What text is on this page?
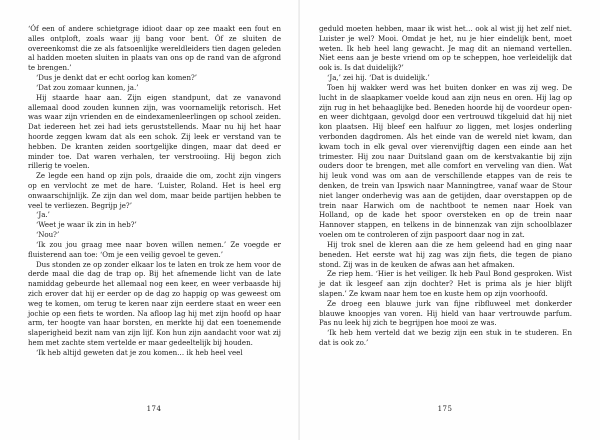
‘Óf een of andere schietgrage idioot daar op zee maakt een fout en alles ontploft, zoals waar jij bang voor bent. Óf ze sluiten de overeenkomst die ze als fatsoenlijke wereldleiders tien dagen geleden al hadden moeten sluiten in plaats van ons op de rand van de afgrond te brengen.’

‘Dus je denkt dat er echt oorlog kan komen?’

‘Dat zou zomaar kunnen, ja.’

Hij staarde haar aan. Zijn eigen standpunt, dat ze vanavond allemaal dood zouden kunnen zijn, was voornamelijk retorisch. Het was waar zijn vrienden en de eindexamenleerlingen op school zeiden. Dat iedereen het zei had iets geruststellends. Maar nu hij het haar hoorde zeggen kwam dat als een schok. Zij leek er verstand van te hebben. De kranten zeiden soortgelijke dingen, maar dat deed er minder toe. Dat waren verhalen, ter verstrooiing. Hij begon zich rillerig te voelen.

Ze legde een hand op zijn pols, draaide die om, zocht zijn vingers op en vervlocht ze met de hare. ‘Luister, Roland. Het is heel erg onwaarschijnlijk. Ze zijn dan wel dom, maar beide partijen hebben te veel te verliezen. Begrijp je?’

‘Ja.’

‘Weet je waar ik zin in heb?’

‘Nou?’

‘Ik zou jou graag mee naar boven willen nemen.’ Ze voegde er fluisterend aan toe: ‘Om je een veilig gevoel te geven.’

Dus stonden ze op zonder elkaar los te laten en trok ze hem voor de derde maal die dag de trap op. Bij het afnemende licht van de late namiddag gebeurde het allemaal nog een keer, en weer verbaasde hij zich erover dat hij er eerder op de dag zo happig op was geweest om weg te komen, om terug te keren naar zijn eerdere staat en weer een jochie op een fiets te worden. Na afloop lag hij met zijn hoofd op haar arm, ter hoogte van haar borsten, en merkte hij dat een toenemende slaperigheid bezit nam van zijn lijf. Kon hun zijn aandacht voor wat zij hem met zachte stem vertelde er maar gedeeltelijk bij houden.

‘Ik heb altijd geweten dat je zou komen… ik heb heel veel

174

geduld moeten hebben, maar ik wist het… ook al wist jij het zelf niet. Luister je wel? Mooi. Omdat je het, nu je hier eindelijk bent, moet weten. Ik heb heel lang gewacht. Je mag dit an niemand vertellen. Niet eens aan je beste vriend om op te scheppen, hoe verleidelijk dat ook is. Is dat duidelijk?’

‘Ja,’ zei hij. ‘Dat is duidelijk.’

Toen hij wakker werd was het buiten donker en was zij weg. De lucht in de slaapkamer voelde koud aan zijn neus en oren. Hij lag op zijn rug in het behaaglijke bed. Beneden hoorde hij de voordeur open- en weer dichtgaan, gevolgd door een vertrouwd tikgeluid dat hij niet kon plaatsen. Hij bleef een halfuur zo liggen, met losjes onderling verbonden dagdromen. Als het einde van de wereld niet kwam, dan kwam toch in elk geval over vierenvijftig dagen een einde aan het trimester. Hij zou naar Duitsland gaan om de kerstvakantie bij zijn ouders door te brengen, met alle comfort en verveling van dien. Wat hij leuk vond was om aan de verschillende etappes van de reis te denken, de trein van Ipswich naar Manningtree, vanaf waar de Stour niet langer onderhevig was aan de getijden, daar overstappen op de trein naar Harwich om de nachtboot te nemen naar Hoek van Holland, op de kade het spoor oversteken en op de trein naar Hannover stappen, en telkens in de binnenzak van zijn schoolblazer voelen om te controleren of zijn paspoort daar nog in zat.

Hij trok snel de kleren aan die ze hem geleend had en ging naar beneden. Het eerste wat hij zag was zijn fiets, die tegen de piano stond. Zij was in de keuken de afwas aan het afmaken.

Ze riep hem. ‘Hier is het veiliger. Ik heb Paul Bond gesproken. Wist je dat ik lesgeef aan zijn dochter? Het is prima als je hier blijft slapen.’ Ze kwam naar hem toe en kuste hem op zijn voorhoofd.

Ze droeg een blauwe jurk van fijne ribfluweel met donkerder blauwe knoopjes van voren. Hij hield van haar vertrouwde parfum. Pas nu leek hij zich te begrijpen hoe mooi ze was.

‘Ik heb hem verteld dat we bezig zijn een stuk in te studeren. En dat is ook zo.’

175
